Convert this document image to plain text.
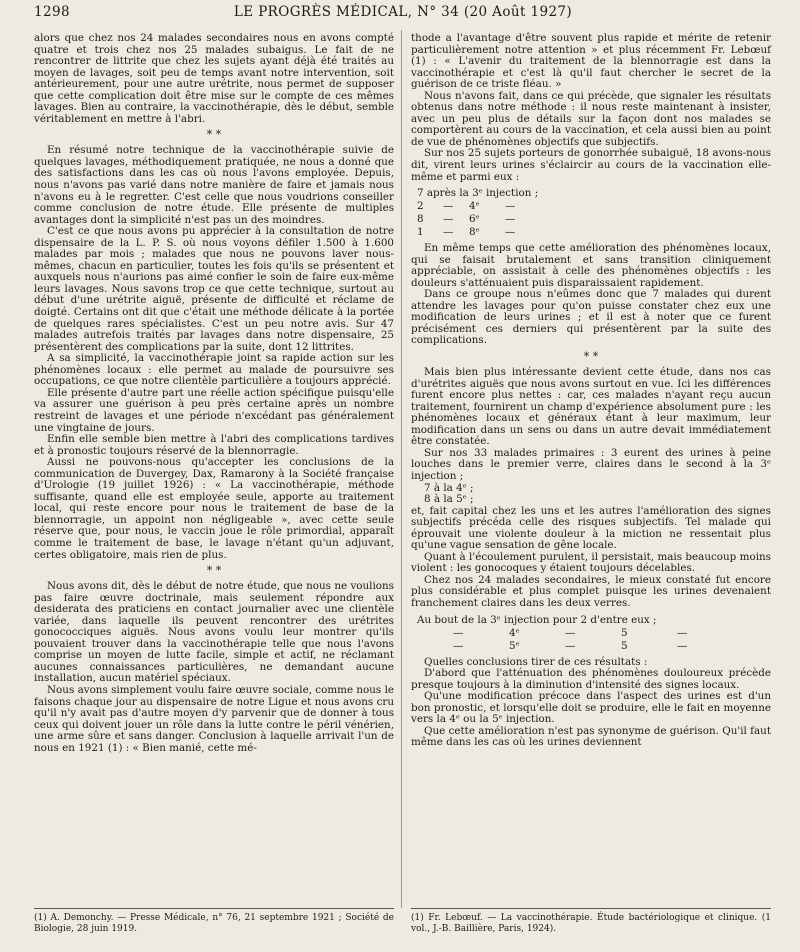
1298	LE PROGRÈS MÉDICAL, N° 34 (20 Août 1927)

alors que chez nos 24 malades secondaires nous en avons compté quatre et trois chez nos 25 malades subaigus. Le fait de ne rencontrer de littrite que chez les sujets ayant déjà été traités au moyen de lavages, soit peu de temps avant notre intervention, soit antérieurement, pour une autre urétrite, nous permet de supposer que cette complication doit être mise sur le compte de ces mêmes lavages. Bien au contraire, la vaccinothérapie, dès le début, semble véritablement en mettre à l'abri.

* *

En résumé notre technique de la vaccinothérapie suivie de quelques lavages, méthodiquement pratiquée, ne nous a donné que des satisfactions dans les cas où nous l'avons employée. Depuis, nous n'avons pas varié dans notre manière de faire et jamais nous n'avons eu à le regretter. C'est celle que nous voudrions conseiller comme conclusion de notre étude. Elle présente de multiples avantages dont la simplicité n'est pas un des moindres.

C'est ce que nous avons pu apprécier à la consultation de notre dispensaire de la L. P. S. où nous voyons défiler 1.500 à 1.600 malades par mois ; malades que nous ne pouvons laver nous-mêmes, chacun en particulier, toutes les fois qu'ils se présentent et auxquels nous n'aurions pas aimé confier le soin de faire eux-même leurs lavages. Nous savons trop ce que cette technique, surtout au début d'une urétrite aiguë, présente de difficulté et réclame de doigté. Certains ont dit que c'était une méthode délicate à la portée de quelques rares spécialistes. C'est un peu notre avis. Sur 47 malades autrefois traités par lavages dans notre dispensaire, 25 présentèrent des complications par la suite, dont 12 littrites.

A sa simplicité, la vaccinothérapie joint sa rapide action sur les phénomènes locaux : elle permet au malade de poursuivre ses occupations, ce que notre clientèle particulière a toujours apprécié.

Elle présente d'autre part une réelle action spécifique puisqu'elle va assurer une guérison à peu près certaine après un nombre restreint de lavages et une période n'excédant pas généralement une vingtaine de jours.

Enfin elle semble bien mettre à l'abri des complications tardives et à pronostic toujours réservé de la blennorragie.

Aussi ne pouvons-nous qu'accepter les conclusions de la communication de Duvergey, Dax, Ramarony à la Société française d'Urologie (19 juillet 1926) : « La vaccinothérapie, méthode suffisante, quand elle est employée seule, apporte au traitement local, qui reste encore pour nous le traitement de base de la blennorragie, un appoint non négligeable », avec cette seule réserve que, pour nous, le vaccin joue le rôle primordial, apparaît comme le traitement de base, le lavage n'étant qu'un adjuvant, certes obligatoire, mais rien de plus.

* *

Nous avons dit, dès le début de notre étude, que nous ne voulions pas faire œuvre doctrinale, mais seulement répondre aux desiderata des praticiens en contact journalier avec une clientèle variée, dans laquelle ils peuvent rencontrer des urétrites gonococciques aiguës. Nous avons voulu leur montrer qu'ils pouvaient trouver dans la vaccinothérapie telle que nous l'avons comprise un moyen de lutte facile, simple et actif, ne réclamant aucunes connaissances particulières, ne demandant aucune installation, aucun matériel spéciaux.

Nous avons simplement voulu faire œuvre sociale, comme nous le faisons chaque jour au dispensaire de notre Ligue et nous avons cru qu'il n'y avait pas d'autre moyen d'y parvenir que de donner à tous ceux qui doivent jouer un rôle dans la lutte contre le péril vénérien, une arme sûre et sans danger. Conclusion à laquelle arrivait l'un de nous en 1921 (1) : « Bien manié, cette mé-

thode a l'avantage d'être souvent plus rapide et mérite de retenir particulièrement notre attention » et plus récemment Fr. Lebœuf (1) : « L'avenir du traitement de la blennorragie est dans la vaccinothérapie et c'est là qu'il faut chercher le secret de la guérison de ce triste fléau. »

Nous n'avons fait, dans ce qui précède, que signaler les résultats obtenus dans notre méthode : il nous reste maintenant à insister, avec un peu plus de détails sur la façon dont nos malades se comportèrent au cours de la vaccination, et cela aussi bien au point de vue de phénomènes objectifs que subjectifs.

Sur nos 25 sujets porteurs de gonorrhée subaiguë, 18 avons-nous dit, virent leurs urines s'éclaircir au cours de la vaccination elle-même et parmi eux :

7 après la 3ᵉ injection ;
2	—	4ᵉ	—
8	—	6ᵉ	—
1	—	8ᵉ	—

En même temps que cette amélioration des phénomènes locaux, qui se faisait brutalement et sans transition cliniquement appréciable, on assistait à celle des phénomènes objectifs : les douleurs s'atténuaient puis disparaissaient rapidement.

Dans ce groupe nous n'eûmes donc que 7 malades qui durent attendre les lavages pour qu'on puisse constater chez eux une modification de leurs urines ; et il est à noter que ce furent précisément ces derniers qui présentèrent par la suite des complications.

* *

Mais bien plus intéressante devient cette étude, dans nos cas d'urétrites aiguës que nous avons surtout en vue. Ici les différences furent encore plus nettes : car, ces malades n'ayant reçu aucun traitement, fournirent un champ d'expérience absolument pure : les phénomènes locaux et généraux étant à leur maximum, leur modification dans un sens ou dans un autre devait immédiatement être constatée.

Sur nos 33 malades primaires : 3 eurent des urines à peine louches dans le premier verre, claires dans le second à la 3ᵉ injection ;

7 à la 4ᵉ ;

8 à la 5ᵉ ;

et, fait capital chez les uns et les autres l'amélioration des signes subjectifs précéda celle des risques subjectifs. Tel malade qui éprouvait une violente douleur à la miction ne ressentait plus qu'une vague sensation de gêne locale.

Quant à l'écoulement purulent, il persistait, mais beaucoup moins violent : les gonocoques y étaient toujours décelables.

Chez nos 24 malades secondaires, le mieux constaté fut encore plus considérable et plus complet puisque les urines devenaient franchement claires dans les deux verres.

Au bout de la 3ᵉ injection pour 2 d'entre eux ;
—	4ᵉ	—	5	—
—	5ᵉ	—	5	—

Quelles conclusions tirer de ces résultats :

D'abord que l'atténuation des phénomènes douloureux précède presque toujours à la diminution d'intensité des signes locaux.

Qu'une modification précoce dans l'aspect des urines est d'un bon pronostic, et lorsqu'elle doit se produire, elle le fait en moyenne vers la 4ᵉ ou la 5ᵉ injection.

Que cette amélioration n'est pas synonyme de guérison. Qu'il faut même dans les cas où les urines deviennent

(1) A. Demonchy. — Presse Médicale, n° 76, 21 septembre 1921 ; Société de Biologie, 28 juin 1919.
(1) Fr. Lebœuf. — La vaccinothérapie. Étude bactériologique et clinique. (1 vol., J.-B. Baillière, Paris, 1924).
